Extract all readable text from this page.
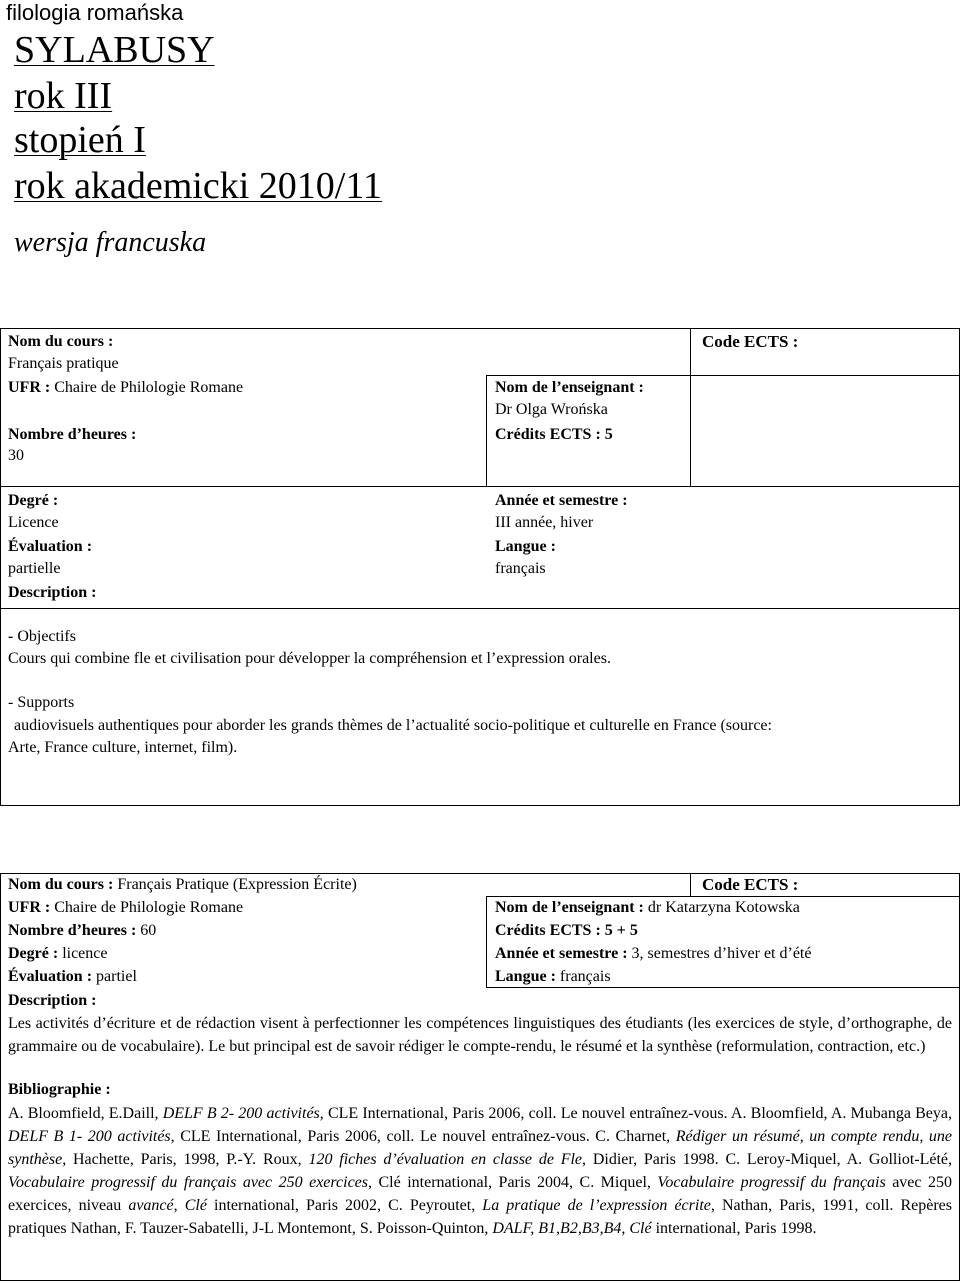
filologia romańska
SYLABUSY
rok III
stopień I
rok akademicki 2010/11
wersja francuska
Nom du cours :
Français pratique
Code ECTS :
UFR : Chaire de Philologie Romane	Nom de l’enseignant :
Dr Olga Wrońska
Nombre d’heures :
30
Crédits ECTS : 5
Degré :
Licence
Évaluation :
partielle
Description :
Année et semestre :
III année, hiver
Langue :
français
- Objectifs
Cours qui combine fle et civilisation pour développer la compréhension et l’expression orales.
- Supports
audiovisuels authentiques pour aborder les grands thèmes de l’actualité socio-politique et culturelle en France (source:
Arte, France culture, internet, film).
Nom du cours : Français Pratique (Expression Écrite)	Code ECTS :
UFR : Chaire de Philologie Romane	Nom de l’enseignant : dr Katarzyna Kotowska
Nombre d’heures : 60	Crédits ECTS : 5 + 5
Degré : licence	Année et semestre : 3, semestres d’hiver et d’été
Évaluation : partiel	Langue : français
Description :
Les activités d’écriture et de rédaction visent à perfectionner les compétences linguistiques des étudiants (les exercices de style, d’orthographe, de grammaire ou de vocabulaire). Le but principal est de savoir rédiger le compte-rendu, le résumé et la synthèse (reformulation, contraction, etc.)
Bibliographie :
A. Bloomfield, E.Daill, DELF B 2- 200 activités, CLE International, Paris 2006, coll. Le nouvel entraînez-vous. A. Bloomfield, A. Mubanga Beya, DELF B 1- 200 activités, CLE International, Paris 2006, coll. Le nouvel entraînez-vous. C. Charnet, Rédiger un résumé, un compte rendu, une synthèse, Hachette, Paris, 1998, P.-Y. Roux, 120 fiches d’évaluation en classe de Fle, Didier, Paris 1998. C. Leroy-Miquel, A. Golliot-Lété, Vocabulaire progressif du français avec 250 exercices, Clé international, Paris 2004, C. Miquel, Vocabulaire progressif du français avec 250 exercices, niveau avancé, Clé international, Paris 2002, C. Peyroutet, La pratique de l’expression écrite, Nathan, Paris, 1991, coll. Repères pratiques Nathan, F. Tauzer-Sabatelli, J-L Montemont, S. Poisson-Quinton, DALF, B1,B2,B3,B4, Clé international, Paris 1998.
